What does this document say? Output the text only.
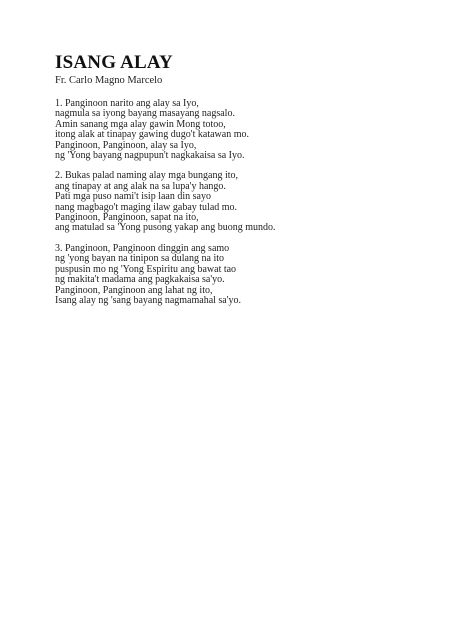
ISANG ALAY
Fr. Carlo Magno Marcelo
1. Panginoon narito ang alay sa Iyo,
nagmula sa iyong bayang masayang nagsalo.
Amin sanang mga alay gawin Mong totoo,
itong alak at tinapay gawing dugo't katawan mo.
Panginoon, Panginoon, alay sa Iyo,
ng 'Yong bayang nagpupun't nagkakaisa sa Iyo.
2. Bukas palad naming alay mga bungang ito,
ang tinapay at ang alak na sa lupa'y hango.
Pati mga puso nami't isip laan din sayo
nang magbago't maging ilaw gabay tulad mo.
Panginoon, Panginoon, sapat na ito,
ang matulad sa 'Yong pusong yakap ang buong mundo.
3. Panginoon, Panginoon dinggin ang samo
ng 'yong bayan na tinipon sa dulang na ito
puspusin mo ng 'Yong Espiritu ang bawat tao
ng makita't madama ang pagkakaisa sa'yo.
Panginoon, Panginoon ang lahat ng ito,
Isang alay ng 'sang bayang nagmamahal sa'yo.
